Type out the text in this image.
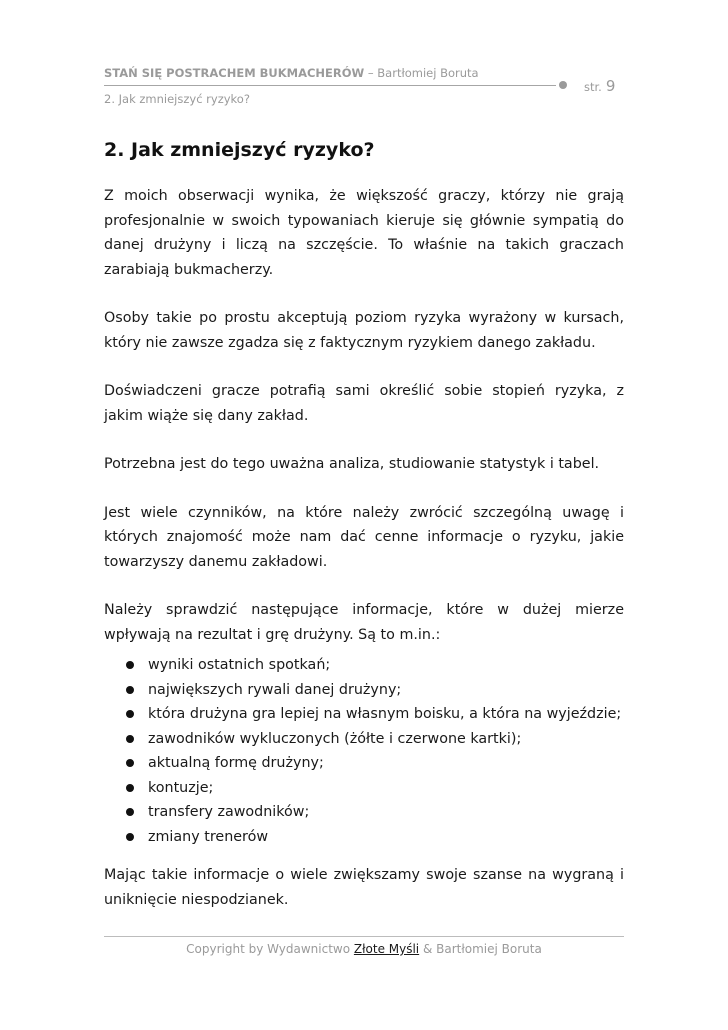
STAŃ SIĘ POSTRACHEM BUKMACHERÓW – Bartłomiej Boruta
str. 9
2. Jak zmniejszyć ryzyko?
2. Jak zmniejszyć ryzyko?

Z moich obserwacji wynika, że większość graczy, którzy nie grają profesjonalnie w swoich typowaniach kieruje się głównie sympatią do danej drużyny i liczą na szczęście. To właśnie na takich graczach zarabiają bukmacherzy.

Osoby takie po prostu akceptują poziom ryzyka wyrażony w kursach, który nie zawsze zgadza się z faktycznym ryzykiem danego zakładu.

Doświadczeni gracze potrafią sami określić sobie stopień ryzyka, z jakim wiąże się dany zakład.

Potrzebna jest do tego uważna analiza, studiowanie statystyk i tabel.

Jest wiele czynników, na które należy zwrócić szczególną uwagę i których znajomość może nam dać cenne informacje o ryzyku, jakie towarzyszy danemu zakładowi.

Należy sprawdzić następujące informacje, które w dużej mierze wpływają na rezultat i grę drużyny. Są to m.in.:

wyniki ostatnich spotkań;
największych rywali danej drużyny;
która drużyna gra lepiej na własnym boisku, a która na wyjeździe;
zawodników wykluczonych (żółte i czerwone kartki);
aktualną formę drużyny;
kontuzje;
transfery zawodników;
zmiany trenerów

Mając takie informacje o wiele zwiększamy swoje szanse na wygraną i uniknięcie niespodzianek.

Copyright by Wydawnictwo Złote Myśli & Bartłomiej Boruta
